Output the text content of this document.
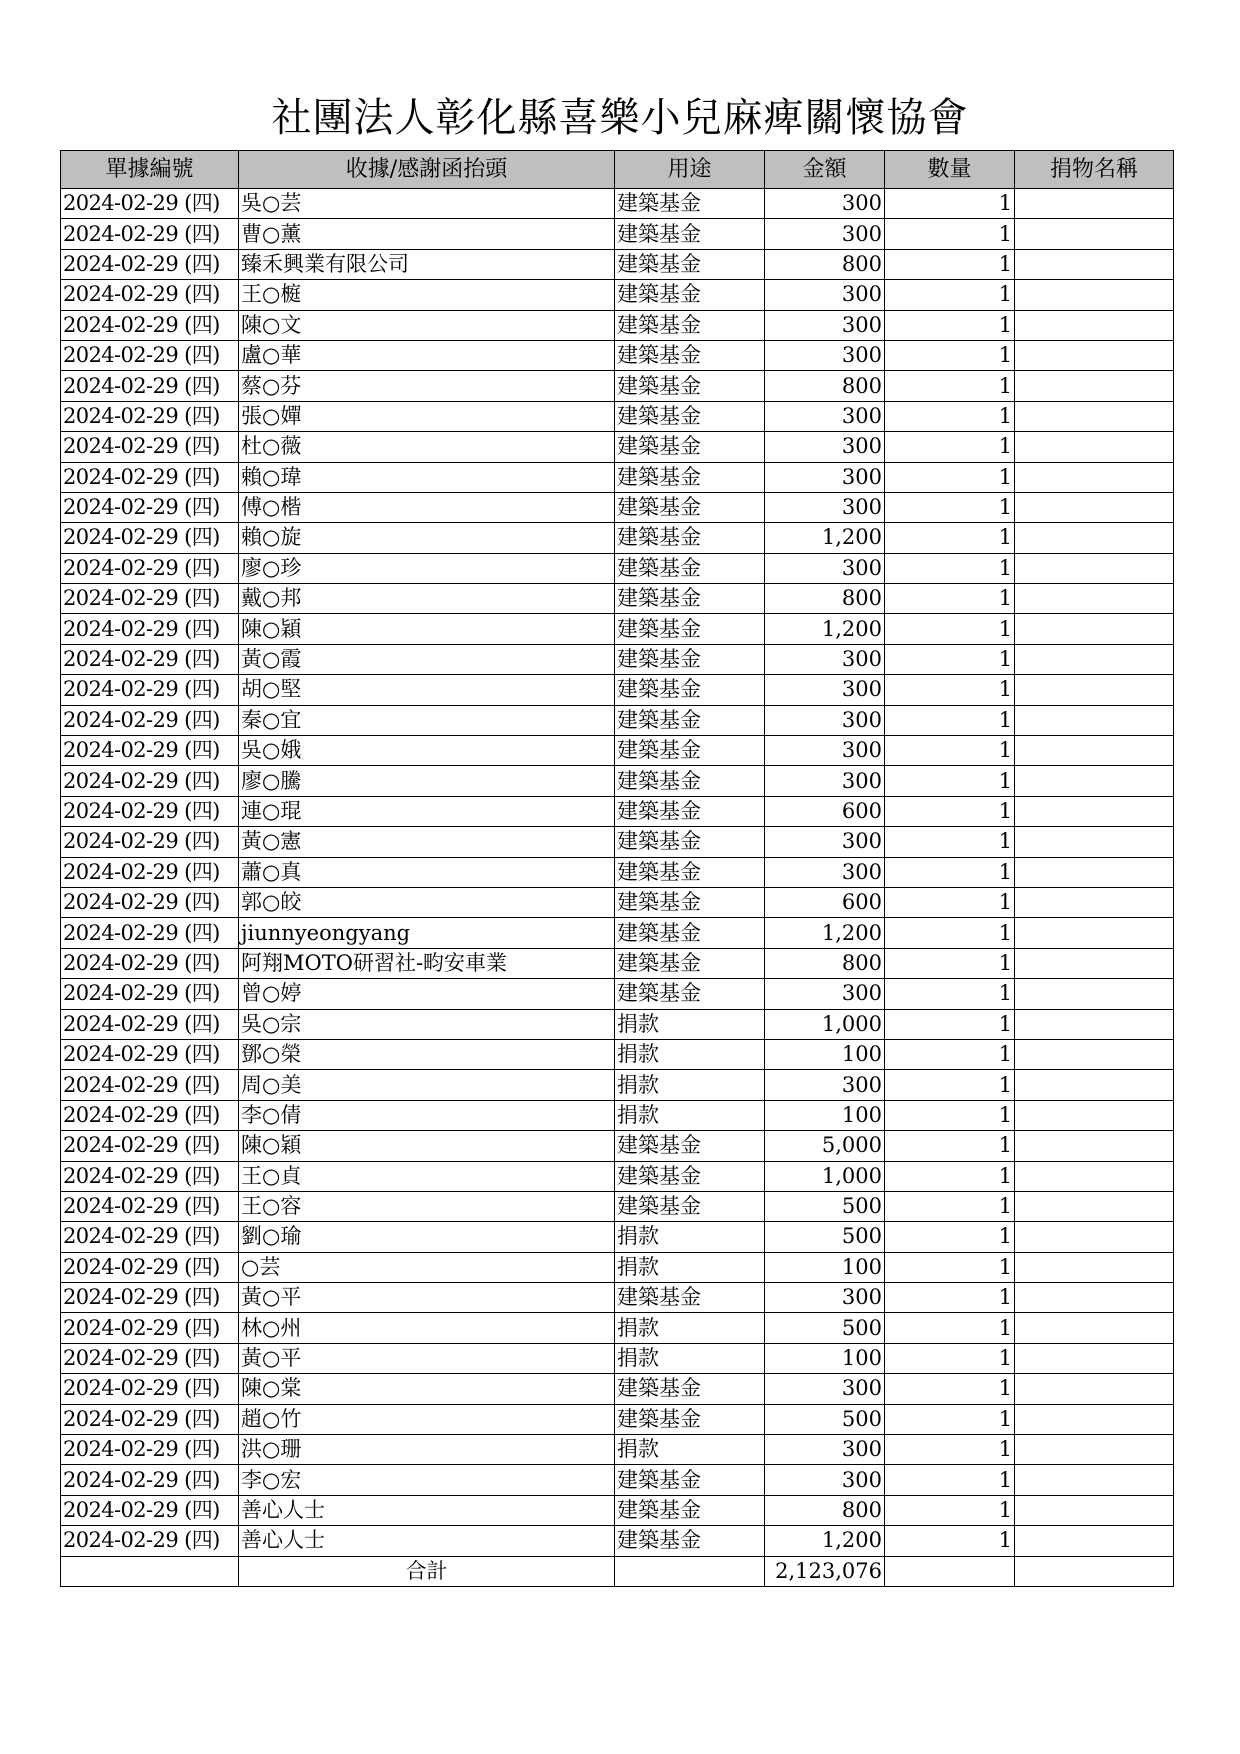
社團法人彰化縣喜樂小兒麻痺關懷協會
單據編號	收據/感謝函抬頭	用途	金額	數量	捐物名稱
2024-02-29 (四)	吳○芸	建築基金	300	1	
2024-02-29 (四)	曹○薰	建築基金	300	1	
2024-02-29 (四)	臻禾興業有限公司	建築基金	800	1	
2024-02-29 (四)	王○榳	建築基金	300	1	
2024-02-29 (四)	陳○文	建築基金	300	1	
2024-02-29 (四)	盧○華	建築基金	300	1	
2024-02-29 (四)	蔡○芬	建築基金	800	1	
2024-02-29 (四)	張○嬋	建築基金	300	1	
2024-02-29 (四)	杜○薇	建築基金	300	1	
2024-02-29 (四)	賴○瑋	建築基金	300	1	
2024-02-29 (四)	傅○楷	建築基金	300	1	
2024-02-29 (四)	賴○旋	建築基金	1,200	1	
2024-02-29 (四)	廖○珍	建築基金	300	1	
2024-02-29 (四)	戴○邦	建築基金	800	1	
2024-02-29 (四)	陳○穎	建築基金	1,200	1	
2024-02-29 (四)	黃○霞	建築基金	300	1	
2024-02-29 (四)	胡○堅	建築基金	300	1	
2024-02-29 (四)	秦○宜	建築基金	300	1	
2024-02-29 (四)	吳○娥	建築基金	300	1	
2024-02-29 (四)	廖○騰	建築基金	300	1	
2024-02-29 (四)	連○琨	建築基金	600	1	
2024-02-29 (四)	黃○憲	建築基金	300	1	
2024-02-29 (四)	蕭○真	建築基金	300	1	
2024-02-29 (四)	郭○皎	建築基金	600	1	
2024-02-29 (四)	jiunnyeongyang	建築基金	1,200	1	
2024-02-29 (四)	阿翔MOTO研習社-畇安車業	建築基金	800	1	
2024-02-29 (四)	曾○婷	建築基金	300	1	
2024-02-29 (四)	吳○宗	捐款	1,000	1	
2024-02-29 (四)	鄧○榮	捐款	100	1	
2024-02-29 (四)	周○美	捐款	300	1	
2024-02-29 (四)	李○倩	捐款	100	1	
2024-02-29 (四)	陳○穎	建築基金	5,000	1	
2024-02-29 (四)	王○貞	建築基金	1,000	1	
2024-02-29 (四)	王○容	建築基金	500	1	
2024-02-29 (四)	劉○瑜	捐款	500	1	
2024-02-29 (四)	○芸	捐款	100	1	
2024-02-29 (四)	黃○平	建築基金	300	1	
2024-02-29 (四)	林○州	捐款	500	1	
2024-02-29 (四)	黃○平	捐款	100	1	
2024-02-29 (四)	陳○棠	建築基金	300	1	
2024-02-29 (四)	趙○竹	建築基金	500	1	
2024-02-29 (四)	洪○珊	捐款	300	1	
2024-02-29 (四)	李○宏	建築基金	300	1	
2024-02-29 (四)	善心人士	建築基金	800	1	
2024-02-29 (四)	善心人士	建築基金	1,200	1	
	合計		2,123,076		
